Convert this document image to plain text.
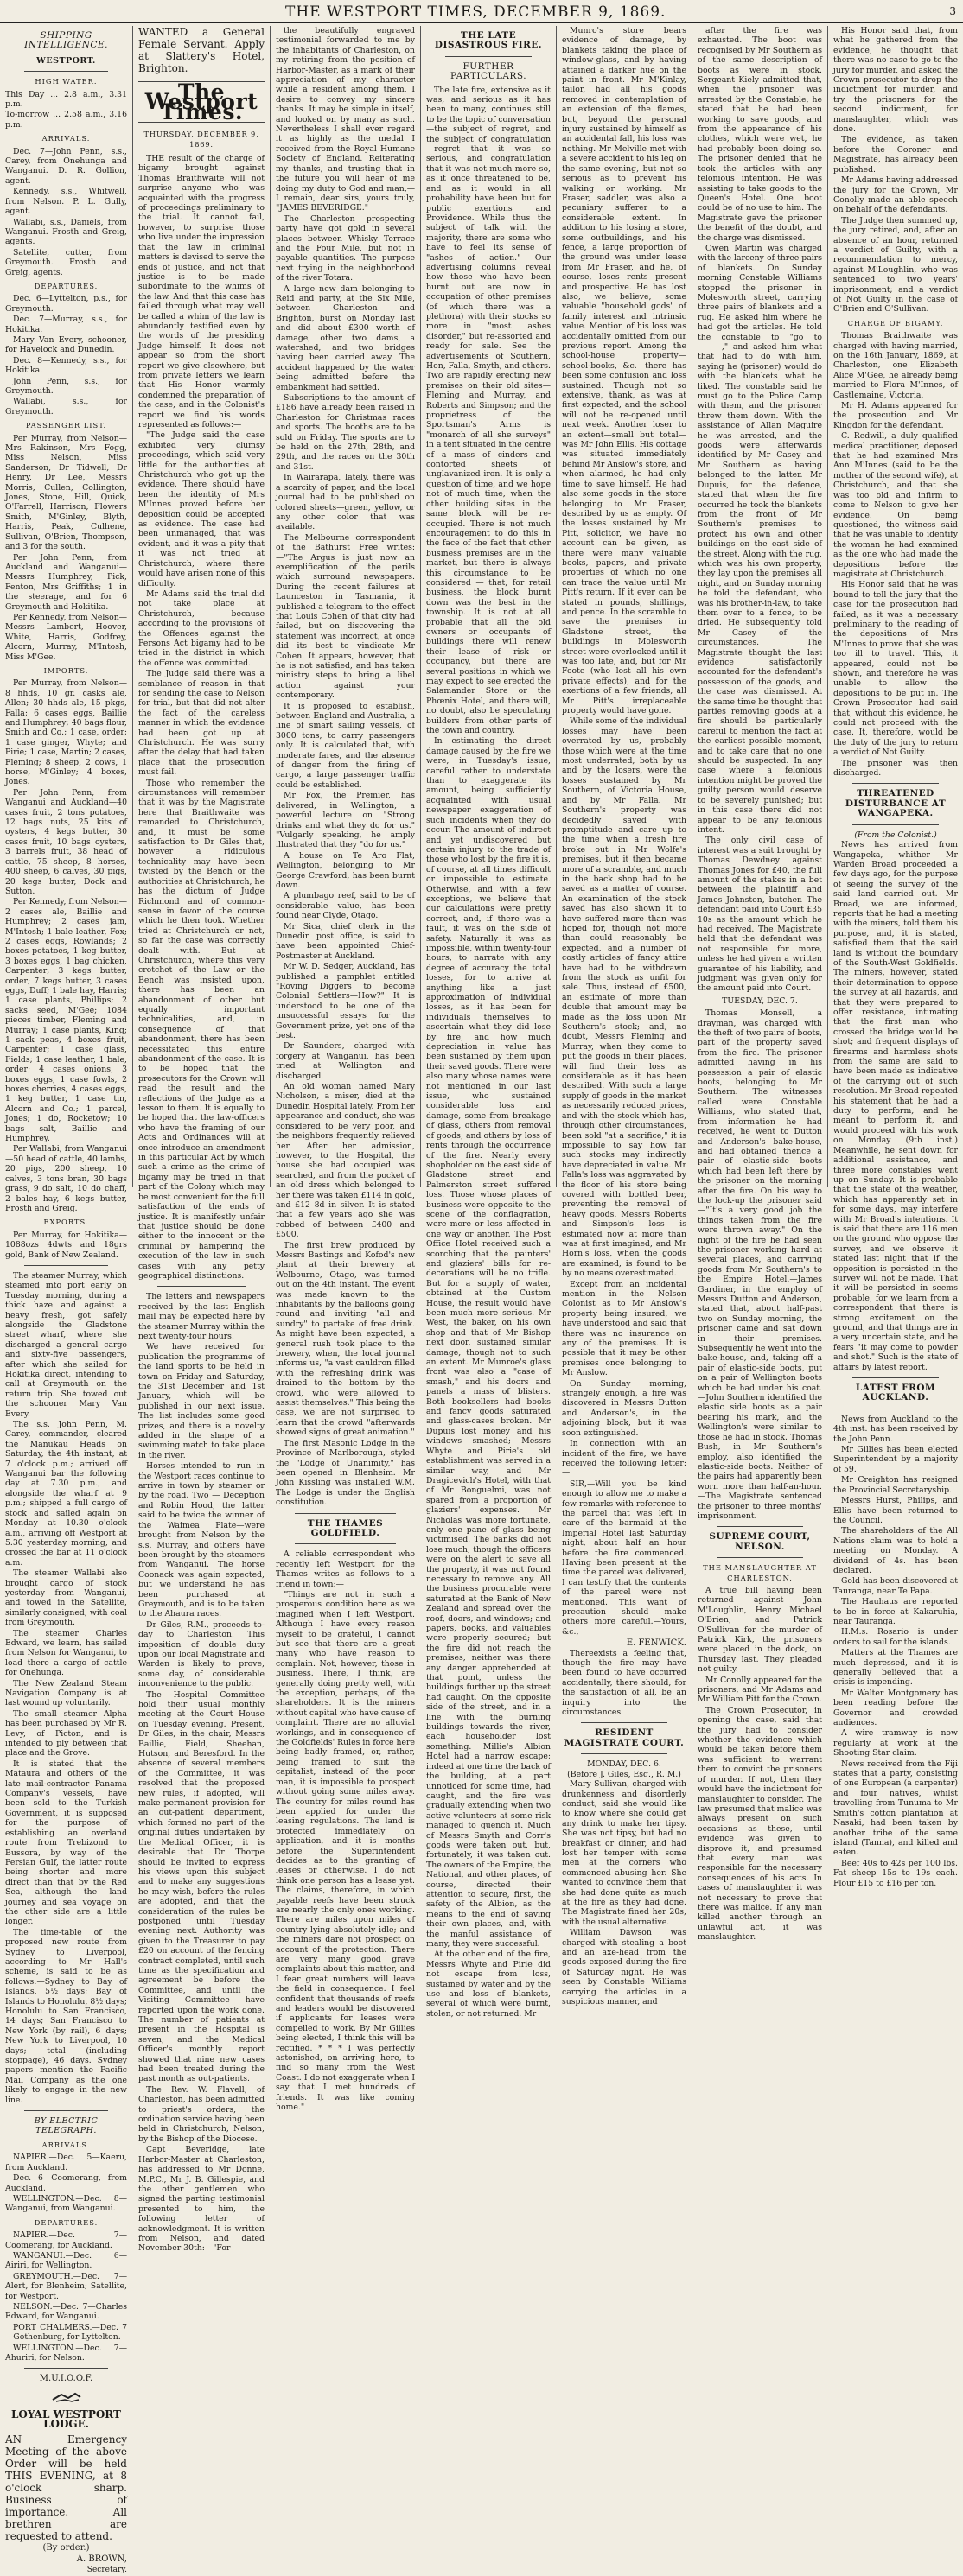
THE WESTPORT TIMES, DECEMBER 9, 1869.	3
SHIPPING INTELLIGENCE.
WESTPORT.
HIGH WATER.

This Day ... 2.8 a.m., 3.31 p.m.

To-morrow ... 2.58 a.m., 3.16 p.m.

ARRIVALS.

Dec. 7—John Penn, s.s., Carey, from Onehunga and Wanganui. D. R. Gollion, agent.

Kennedy, s.s., Whitwell, from Nelson. P. L. Gully, agent.

Wallabi, s.s., Daniels, from Wanganui. Frosth and Greig, agents.

Satellite, cutter, from Greymouth. Frosth and Greig, agents.

DEPARTURES.

Dec. 6—Lyttelton, p.s., for Greymouth.

Dec. 7—Murray, s.s., for Hokitika.

Mary Van Every, schooner, for Havelock and Dunedin.

Dec. 8—Kennedy, s.s., for Hokitika.

John Penn, s.s., for Greymouth.

Wallabi, s.s., for Greymouth.

PASSENGER LIST.

Per Murray, from Nelson—Mrs Rakinson, Mrs Fogg, Miss Nelson, Miss Sanderson, Dr Tidwell, Dr Henry, Dr Lee, Messrs Morris, Cullen, Collington, Jones, Stone, Hill, Quick, O'Farrell, Harrison, Flowers Smith, M'Ginley, Blyth, Harris, Peak, Culhene, Sullivan, O'Brien, Thompson, and 3 for the south.

Per John Penn, from Auckland and Wanganui—Messrs Humphrey, Pick, Fenton, Mrs Griffiths; 1 in the steerage, and for 6 Greymouth and Hokitika.

Per Kennedy, from Nelson—Messrs Lambert, Hoover, White, Harris, Godfrey, Alcorn, Murray, M'Intosh, Miss M'Gee.

IMPORTS.

Per Murray, from Nelson—8 hhds, 10 gr. casks ale, Allen; 30 hhds ale, 15 pkgs, Falla; 6 cases eggs, Baillie and Humphrey; 40 bags flour, Smith and Co.; 1 case, order; 1 case ginger, Whyte; and Pirie; 1 case, Martin; 2 cases, Fleming; 8 sheep, 2 cows, 1 horse, M'Ginley; 4 boxes, Jones.

Per John Penn, from Wanganui and Auckland—40 cases fruit, 2 tons potatoes, 12 bags nuts, 25 kits of oysters, 4 kegs butter, 30 cases fruit, 10 bags oysters, 3 barrels fruit, 38 head of cattle, 75 sheep, 8 horses, 400 sheep, 6 calves, 30 pigs, 20 kegs butter, Dock and Sutton.

Per Kennedy, from Nelson—2 cases ale, Baillie and Humphrey; 2 cases jam, M'Intosh; 1 bale leather, Fox; 2 cases eggs, Rowlands; 2 boxes potatoes, 1 keg butter, 3 boxes eggs, 1 bag chicken, Carpenter; 3 kegs butter, order; 7 kegs butter, 3 cases eggs, Duff; 1 bale hay, Harris; 1 case plants, Phillips; 2 sacks seed, M'Gee; 1084 pieces timber, Fleming and Murray; 1 case plants, King; 1 sack peas, 4 boxes fruit, Carpenter; 1 case glass, Fields; 1 case leather, 1 bale, order; 4 cases onions, 3 boxes eggs, 1 case fowls, 2 boxes cherries, 4 cases eggs, 1 keg butter, 1 case tin, Alcorn and Co.; 1 parcel, Jones; 1 do, Rocketow; 10 bags salt, Baillie and Humphrey.

Per Wallabi, from Wanganui—50 head of cattle, 40 lambs, 20 pigs, 200 sheep, 10 calves, 3 tons bran, 30 bags grass, 9 do salt, 10 do chaff, 2 bales hay, 6 kegs butter, Frosth and Greig.

EXPORTS.

Per Murray, for Hokitika—1088ozs 4dwts and 18grs gold, Bank of New Zealand.

The steamer Murray, which steamed into port early on Tuesday morning, during a thick haze and against a heavy fresh, got safely alongside the Gladstone street wharf, where she discharged a general cargo and sixty-five passengers, after which she sailed for Hokitika direct, intending to call at Greymouth on the return trip. She towed out the schooner Mary Van Every.

The s.s. John Penn, M. Carey, commander, cleared the Manukau Heads on Saturday, the 4th instant, at 7 o'clock p.m.; arrived off Wanganui bar the following day at 7.30 p.m., and alongside the wharf at 9 p.m.; shipped a full cargo of stock and sailed again on Monday at 10.30 o'clock a.m., arriving off Westport at 5.30 yesterday morning, and crossed the bar at 11 o'clock a.m.

The steamer Wallabi also brought cargo of stock yesterday from Wanganui, and towed in the Satellite, similarly consigned, with coal from Greymouth.

The steamer Charles Edward, we learn, has sailed from Nelson for Wanganui, to load there a cargo of cattle for Onehunga.

The New Zealand Steam Navigation Company is at last wound up voluntarily.

The small steamer Alpha has been purchased by Mr R. Levy, of Picton, and is intended to ply between that place and the Grove.

It is stated that the Mataura and others of the late mail-contractor Panama Company's vessels, have been sold to the Turkish Government, it is supposed for the purpose of establishing an overland route from Trebizond to Bussora, by way of the Persian Gulf, the latter route being shorter and more direct than that by the Red Sea, although the land journey and sea voyage on the other side are a little longer.

The time-table of the proposed new route from Sydney to Liverpool, according to Mr Hall's scheme, is said to be as follows:—Sydney to Bay of Islands, 5½ days; Bay of Islands to Honolulu, 8½ days; Honolulu to San Francisco, 14 days; San Francisco to New York (by rail), 6 days; New York to Liverpool, 10 days; total (including stoppage), 46 days. Sydney papers mention the Pacific Mail Company as the one likely to engage in the new line.

BY ELECTRIC TELEGRAPH.
ARRIVALS.

NAPIER.—Dec. 5—Kaeru, from Auckland.

Dec. 6—Coomerang, from Auckland.

WELLINGTON.—Dec. 8—Wanganui, from Wanganui.

DEPARTURES.

NAPIER.—Dec. 7—Coomerang, for Auckland.

WANGANUI.—Dec. 6—Airiri, for Wellington.

GREYMOUTH.—Dec. 7—Alert, for Blenheim; Satellite, for Westport.

NELSON.—Dec. 7—Charles Edward, for Wanganui.

PORT CHALMERS.—Dec. 7—Gothenburg, for Lyttelton.

WELLINGTON.—Dec. 7—Ahuriri, for Nelson.

M.U.I.O.O.F.
LOYAL WESTPORT LODGE.

AN Emergency Meeting of the above Order will be held THIS EVENING, at 8 o'clock sharp. Business of importance. All brethren are requested to attend.

(By order.)
A. BROWN,
Secretary.

WANTED a General Female Servant. Apply at Slattery's Hotel, Brighton.

The Westport Times.
THURSDAY, DECEMBER 9, 1869.

THE result of the charge of bigamy brought against Thomas Braithwaite will not surprise anyone who was acquainted with the progress of proceedings preliminary to the trial. It cannot fail, however, to surprise those who live under the impression that the law in criminal matters is devised to serve the ends of justice, and not that justice is to be made subordinate to the whims of the law. And that this case has failed through what may well be called a whim of the law is abundantly testified even by the words of the presiding Judge himself. It does not appear so from the short report we give elsewhere, but from private letters we learn that His Honor warmly condemned the preparation of the case, and in the Colonist's report we find his words represented as follows:—

"The Judge said the case exhibited very clumsy proceedings, which said very little for the authorities at Christchurch who got up the evidence. There should have been the identity of Mrs M'Innes proved before her deposition could be accepted as evidence. The case had been unmanaged, that was evident, and it was a pity that it was not tried at Christchurch, where there would have arisen none of this difficulty.

Mr Adams said the trial did not take place at Christchurch, because according to the provisions of the Offences against the Persons Act bigamy had to be tried in the district in which the offence was committed.

The Judge said there was a semblance of reason in that for sending the case to Nelson for trial, but that did not alter the fact of the careless manner in which the evidence had been got up at Christchurch. He was sorry after the delay that had taken place that the prosecution must fail.

Those who remember the circumstances will remember that it was by the Magistrate here that Braithwaite was remanded to Christchurch, and, it must be some satisfaction to Dr Giles that, however a ridiculous technicality may have been twisted by the Bench or the authorities at Christchurch, he has the dictum of Judge Richmond and of common-sense in favor of the course which he then took. Whether tried at Christchurch or not, so far the case was correctly dealt with. But at Christchurch, where this very crotchet of the Law or the Bench was insisted upon, there has been an abandonment of other but equally important technicalities, and, in consequence of that abandonment, there has been necessitated this entire abandonment of the case. It is to be hoped that the prosecutors for the Crown will read the result and the reflections of the Judge as a lesson to them. It is equally to be hoped that the law-officers who have the framing of our Acts and Ordinances will at once introduce an amendment in this particular Act by which such a crime as the crime of bigamy may be tried in that part of the Colony which may be most convenient for the full satisfaction of the ends of justice. It is manifestly unfair that justice should be done either to the innocent or the criminal by hampering the execution of the law in such cases with any petty geographical distinctions.

The letters and newspapers received by the last English mail may be expected here by the steamer Murray within the next twenty-four hours.

We have received for publication the programme of the land sports to be held in town on Friday and Saturday, the 31st December and 1st January, which will be published in our next issue. The list includes some good prizes, and there is a novelty added in the shape of a swimming match to take place in the river.

Horses intended to run in the Westport races continue to arrive in town by steamer or by the road. Two — Deception and Robin Hood, the latter said to be twice the winner of the Waimea Plate—were brought from Nelson by the s.s. Murray, and others have been brought by the steamers from Wanganui. The horse Coonack was again expected, but we understand he has been purchased at Greymouth, and is to be taken to the Ahaura races.

Dr Giles, R.M., proceeds to-day to Charleston. This imposition of double duty upon our local Magistrate and Warden is likely to prove, some day, of considerable inconvenience to the public.

The Hospital Committee hold their usual monthly meeting at the Court House on Tuesday evening. Present, Dr Giles, in the chair, Messrs Baillie, Field, Sheehan, Hutson, and Beresford. In the absence of several members of the Committee, it was resolved that the proposed new rules, if adopted, will make permanent provision for an out-patient department, which formed no part of the original duties undertaken by the Medical Officer, it is desirable that Dr Thorpe should be invited to express his views upon this subject and to make any suggestions he may wish, before the rules are adopted, and that the consideration of the rules be postponed until Tuesday evening next. Authority was given to the Treasurer to pay £20 on account of the fencing contract completed, until such time as the specification and agreement be before the Committee, and until the Visiting Committee have reported upon the work done. The number of patients at present in the Hospital is seven, and the Medical Officer's monthly report showed that nine new cases had been treated during the past month as out-patients.

The Rev. W. Flavell, of Charleston, has been admitted to priest's orders, the ordination service having been held in Christchurch, Nelson, by the Bishop of the Diocese.

Capt Beveridge, late Harbor-Master at Charleston, has addressed to Mr Donne, M.P.C., Mr J. B. Gillespie, and the other gentlemen who signed the parting testimonial presented to him, the following letter of acknowledgment. It is written from Nelson, and dated November 30th:—"For

the beautifully engraved testimonial forwarded to me by the inhabitants of Charleston, on my retiring from the position of Harbor-Master, as a mark of their appreciation of my character while a resident among them, I desire to convey my sincere thanks. It may be simple in itself, and looked on by many as such. Nevertheless I shall ever regard it as highly as the medal I received from the Royal Humane Society of England. Reiterating my thanks, and trusting that in the future you will hear of me doing my duty to God and man,—I remain, dear sirs, yours truly, "JAMES BEVERIDGE."

The Charleston prospecting party have got gold in several places between Whisky Terrace and the Four Mile, but not in payable quantities. The purpose next trying in the neighborhood of the river Totara.

A large new dam belonging to Reid and party, at the Six Mile, between Charleston and Brighton, burst on Monday last and did about £300 worth of damage, other two dams, a watershed, and two bridges having been carried away. The accident happened by the water being admitted before the embankment had settled.

Subscriptions to the amount of £186 have already been raised in Charleston for Christmas races and sports. The booths are to be sold on Friday. The sports are to be held on the 27th, 28th, and 29th, and the races on the 30th and 31st.

In Wairarapa, lately, there was a scarcity of paper, and the local journal had to be published on colored sheets—green, yellow, or any other color that was available.

The Melbourne correspondent of the Bathurst Free writes:—"The Argus is just now an exemplification of the perils which surround newspapers. During the recent failures at Launceston in Tasmania, it published a telegram to the effect that Louis Cohen of that city had failed, but on discovering the statement was incorrect, at once did its best to vindicate Mr Cohen. It appears, however, that he is not satisfied, and has taken ministry steps to bring a libel action against your contemporary.

It is proposed to establish, between England and Australia, a line of smart sailing vessels, of 3000 tons, to carry passengers only. It is calculated that, with moderate fares, and the absence of danger from the firing of cargo, a large passenger traffic could be established.

Mr Fox, the Premier, has delivered, in Wellington, a powerful lecture on "Strong drinks and what they do for us." "Vulgarly speaking, he amply illustrated that they "do for us."

A house on Te Aro Flat, Wellington, belonging to Mr George Crawford, has been burnt down.

A plumbago reef, said to be of considerable value, has been found near Clyde, Otago.

Mr Sica, chief clerk in the Dunedin post office, is said to have been appointed Chief-Postmaster at Auckland.

Mr W. D. Sedger, Auckland, has published a pamphlet entitled "Roving Diggers to become Colonial Settlers—How?" It is understood to be one of the unsuccessful essays for the Government prize, yet one of the best.

Dr Saunders, charged with forgery at Wanganui, has been tried at Wellington and discharged.

An old woman named Mary Nicholson, a miser, died at the Dunedin Hospital lately. From her appearance and conduct, she was considered to be very poor, and the neighbors frequently relieved her. After her admission, however, to the Hospital, the house she had occupied was searched, and from the pocket of an old dress which belonged to her there was taken £114 in gold, and £12 8d in silver. It is stated that a few years ago she was robbed of between £400 and £500.

The first brew produced by Messrs Bastings and Kofod's new plant at their brewery at Welbourne, Otago, was turned out on the 4th instant. The event was made known to the inhabitants by the balloons going round and inviting "all and sundry" to partake of free drink. As might have been expected, a general rush took place to the brewery, when, the local journal informs us, "a vast cauldron filled with the refreshing drink was drained to the bottom by the crowd, who were allowed to assist themselves." This being the case, we are not surprised to learn that the crowd "afterwards showed signs of great animation."

The first Masonic Lodge in the Province of Marlborough, styled the "Lodge of Unanimity," has been opened in Blenheim. Mr John Kissling was installed W.M. The Lodge is under the English constitution.

THE THAMES GOLDFIELD.

A reliable correspondent who recently left Westport for the Thames writes as follows to a friend in town:—

"Things are not in such a prosperous condition here as we imagined when I left Westport. Although I have every reason myself to be grateful, I cannot but see that there are a great many who have reason to complain. Not, however, those in business. There, I think, are generally doing pretty well, with the exception, perhaps, of the shareholders. It is the miners without capital who have cause of complaint. There are no alluvial workings, and in consequence of the Goldfields' Rules in force here being badly framed, or, rather, being framed to suit the capitalist, instead of the poor man, it is impossible to prospect without going some miles away. The country for miles round has been applied for under the leasing regulations. The land is protected immediately on application, and it is months before the Superintendent decides as to the granting of leases or otherwise. I do not think one person has a lease yet. The claims, therefore, in which payable reefs have been struck are nearly the only ones working. There are miles upon miles of country lying absolutely idle; and the miners dare not prospect on account of the protection. There are very many good grave complaints about this matter, and I fear great numbers will leave the field in consequence. I feel confident that thousands of reefs and leaders would be discovered if applicants for leases were compelled to work. By Mr Gillies being elected, I think this will be rectified. * * * I was perfectly astonished, on arriving here, to find so many from the West Coast. I do not exaggerate when I say that I met hundreds of friends. It was like coming home."

THE LATE DISASTROUS FIRE.
FURTHER PARTICULARS.

The late fire, extensive as it was, and serious as it has been to many, continues still to be the topic of conversation—the subject of regret, and the subject of congratulation—regret that it was so serious, and congratulation that it was not much more so, as it once threatened to be, and as it would in all probability have been but for public exertions and Providence. While thus the subject of talk with the majority, there are some who have to feel its sense of "ashes of action." Our advertising columns reveal how those who have been burnt out are now in occupation of other premises (of which there was a plethora) with their stocks so more in "most ashes disorder," but re-assorted and ready for sale. See the advertisements of Southern, Hon, Falla, Smyth, and others. Two are rapidly erecting new premises on their old sites—Fleming and Murray, and Roberts and Simpson; and the proprietress of the Sportsman's Arms is "monarch of all she surveys" in a tent situated in the centre of a mass of cinders and contorted sheets of unglavanized iron. It is only a question of time, and we hope not of much time, when the other building sites in the same block will be re-occupied. There is not much encouragement to do this in the face of the fact that other business premises are in the market, but there is always this circumstance to be considered — that, for retail business, the block burnt down was the best in the township. It is not at all probable that all the old owners or occupants of buildings there will renew their lease of risk or occupancy, but there are several positions in which we may expect to see erected the Salamander Store or the Phœnix Hotel, and there will, no doubt, also be speculating builders from other parts of the town and country.

In estimating the direct damage caused by the fire we were, in Tuesday's issue, careful rather to understate than to exaggerate its amount, being sufficiently acquainted with usual newspaper exaggeration of such incidents when they do occur. The amount of indirect and yet undiscovered but certain injury to the trade of those who lost by the fire it is, of course, at all times difficult or impossible to estimate. Otherwise, and with a few exceptions, we believe that our calculations were pretty correct, and, if there was a fault, it was on the side of safety. Naturally it was as impossible, within twenty-four hours, to narrate with any degree of accuracy the total losses, for to arrive at anything like a just approximation of individual losses, as it has been for individuals themselves to ascertain what they did lose by fire, and how much depreciation in value has been sustained by them upon their saved goods. There were also many whose names were not mentioned in our last issue, who sustained considerable loss and damage, some from breakage of glass, others from removal of goods, and others by loss of rents through the occurrence of the fire. Nearly every shopholder on the east side of Gladstone street and Palmerston street suffered loss. Those whose places of business were opposite to the scene of the conflagration, were more or less affected in one way or another. The Post Office Hotel received such a scorching that the painters' and glaziers' bills for re-decorations will be no trifle. But for a supply of water, obtained at the Custom House, the result would have been much more serious. Mr West, the baker, on his own shop and that of Mr Bishop next door, sustained similar damage, though not to such an extent. Mr Munroe's glass front was also a "case of smash," and his doors and panels a mass of blisters. Both booksellers had books and fancy goods saturated and glass-cases broken. Mr Dupuis lost money and his windows smashed; Messrs Whyte and Pirie's old establishment was served in a similar way, and Mr Dragicevich's Hotel, with that of Mr Bonguelmi, was not spared from a proportion of glaziers' expenses. Mr Nicholas was more fortunate, only one pane of glass being victimised. The banks did not lose much; though the officers were on the alert to save all the property, it was not found necessary to remove any. All the business procurable were saturated at the Bank of New Zealand and spread over the roof, doors, and windows; and papers, books, and valuables were properly secured; but the fire did not reach the premises, neither was there any danger apprehended at that point, unless the buildings further up the street had caught. On the opposite side of the street, and in a line with the burning buildings towards the river, each householder lost something. Millie's Albion Hotel had a narrow escape; indeed at one time the back of the building, at a part unnoticed for some time, had caught, and the fire was gradually extending when two active volunteers at some risk managed to quench it. Much of Messrs Smyth and Corr's goods were taken out, but, fortunately, it was taken out. The owners of the Empire, the National, and other places, of course, directed their attention to secure, first, the safety of the Albion, as the means to the end of saving their own places, and, with the manful assistance of many, they were successful.

At the other end of the fire, Messrs Whyte and Pirie did not escape from loss, sustained by water and by the use and loss of blankets, several of which were burnt, stolen, or not returned. Mr

Munro's store bears evidence of damage, by blankets taking the place of window-glass, and by having attained a darker hue on the paint in front. Mr M'Kinlay, tailor, had all his goods removed in contemplation of an extension of the flames, but, beyond the personal injury sustained by himself as an accidental fall, his loss was nothing. Mr Melville met with a severe accident to his leg on the same evening, but not so serious as to prevent his walking or working. Mr Fraser, saddler, was also a pecuniary sufferer to a considerable extent. In addition to his losing a store, some outbuildings, and his fence, a large proportion of the ground was under lease from Mr Fraser, and he, of course, loses rents present and prospective. He has lost also, we believe, some valuable "household gods" of family interest and intrinsic value. Mention of his loss was accidentally omitted from our previous report. Among the school-house property—school-books, &c.—there has been some confusion and loss sustained. Though not so extensive, thank, as was at first expected, and the school will not be re-opened until next week. Another loser to an extent—small but total—was Mr John Ellis. His cottage was situated immediately behind Mr Anslow's store, and when alarmed, he had only time to save himself. He had also some goods in the store belonging to Mr Fraser, described by us as empty. Of the losses sustained by Mr Pitt, solicitor, we have no account can be given, as there were many valuable books, papers, and private properties of which no one can trace the value until Mr Pitt's return. If it ever can be stated in pounds, shillings, and pence. In the scramble to save the premises in Gladstone street, the buildings in Molesworth street were overlooked until it was too late, and, but for Mr Foote (who lost all his own private effects), and for the exertions of a few friends, all Mr Pitt's irreplaceable property would have gone.

While some of the individual losses may have been overrated by us, probably those which were at the time most underrated, both by us and by the losers, were the losses sustained by Mr Southern, of Victoria House, and by Mr Falla. Mr Southern's property was decidedly saved with promptitude and care up to the time when a fresh fire broke out in Mr Wolfe's premises, but it then became more of a scramble, and much in the back shop had to be saved as a matter of course. An examination of the stock saved has also shown it to have suffered more than was hoped for, though not more than could reasonably be expected, and a number of costly articles of fancy attire have had to be withdrawn from the stock as unfit for sale. Thus, instead of £500, an estimate of more than double that amount may be made as the loss upon Mr Southern's stock; and, no doubt, Messrs Fleming and Murray, when they come to put the goods in their places, will find their loss as considerable as it has been described. With such a large supply of goods in the market as necessarily reduced prices, and with the stock which has, through other circumstances, been sold "at a sacrifice," it is impossible to say how far such stocks may indirectly have depreciated in value. Mr Falla's loss was aggravated by the floor of his store being covered with bottled beer, preventing the removal of heavy goods. Messrs Roberts and Simpson's loss is estimated now at more than was at first imagined, and Mr Horn's loss, when the goods are examined, is found to be by no means overestimated.

Except from an incidental mention in the Nelson Colonist as to Mr Anslow's property being insured, we have understood and said that there was no insurance on any of the premises. It is possible that it may be other premises once belonging to Mr Anslow.

On Sunday morning, strangely enough, a fire was discovered in Messrs Dutton and Anderson's, in the adjoining block, but it was soon extinguished.

In connection with an incident of the fire, we have received the following letter:—

SIR,—Will you be kind enough to allow me to make a few remarks with reference to the parcel that was left in care of the barmaid at the Imperial Hotel last Saturday night, about half an hour before the fire commenced. Having been present at the time the parcel was delivered, I can testify that the contents of the parcel were not mentioned. This want of precaution should make others more careful.—Yours, &c.,

E. FENWICK.

Thereexists a feeling that, though the fire may have been found to have occurred accidentally, there should, for the satisfaction of all, be an inquiry into the circumstances.

RESIDENT MAGISTRATE COURT.
MONDAY, DEC. 6.
(Before J. Giles, Esq., R. M.)

Mary Sullivan, charged with drunkenness and disorderly conduct, said she would like to know where she could get any drink to make her tipsy. She was not tipsy, but had no breakfast or dinner, and had lost her temper with some men at the corners who commenced abusing her. She wanted to convince them that she had done quite as much at the fire as they had done. The Magistrate fined her 20s, with the usual alternative.

William Dawson was charged with stealing a boot and an axe-head from the goods exposed during the fire of Saturday night. He was seen by Constable Williams carrying the articles in a suspicious manner, and

after the fire was exhausted. The boot was recognised by Mr Southern as of the same description of boots as were in stock. Sergeant Kiely admitted that, when the prisoner was arrested by the Constable, he stated that he had been working to save goods, and from the appearance of his clothes, which were wet, he had probably been doing so. The prisoner denied that he took the articles with any felonious intention. He was assisting to take goods to the Queen's Hotel. One boot could be of no use to him. The Magistrate gave the prisoner the benefit of the doubt, and the charge was dismissed.

Owen Martin was charged with the larceny of three pairs of blankets. On Sunday morning Constable Williams stopped the prisoner in Molesworth street, carrying three pairs of blankets and a rug. He asked him where he had got the articles. He told the constable to "go to ———," and asked him what that had to do with him, saying he (prisoner) would do with the blankets what he liked. The constable said he must go to the Police Camp with them, and the prisoner threw them down. With the assistance of Allan Maguire he was arrested, and the goods were afterwards identified by Mr Casey and Mr Southern as having belonged to the latter. Mr Dupuis, for the defence, stated that when the fire occurred he took the blankets from the front of Mr Southern's premises to protect his own and other buildings on the east side of the street. Along with the rug, which was his own property, they lay upon the premises all night, and on Sunday morning he told the defendant, who was his brother-in-law, to take them over to a fence, to be dried. He subsequently told Mr Casey of the circumstances. The Magistrate thought the last evidence satisfactorily accounted for the defendant's possession of the goods, and the case was dismissed. At the same time he thought that parties removing goods at a fire should be particularly careful to mention the fact at the earliest possible moment, and to take care that no one should be suspected. In any case where a felonious intention might be proved the guilty person would deserve to be severely punished; but in this case there did not appear to be any felonious intent.

The only civil case of interest was a suit brought by Thomas Dewdney against Thomas Jones for £40, the full amount of the stakes in a bet between the plaintiff and James Johnston, butcher. The defendant paid into Court £35 10s as the amount which he had received. The Magistrate held that the defendant was not responsible for more, unless he had given a written guarantee of his liability, and judgment was given only for the amount paid into Court.

TUESDAY, DEC. 7.

Thomas Monsell, a drayman, was charged with the theft of two pairs of boots, part of the property saved from the fire. The prisoner admitted having in his possession a pair of elastic boots, belonging to Mr Southern. The witnesses called were Constable Williams, who stated that, from information he had received, he went to Dutton and Anderson's bake-house, and had obtained thence a pair of elastic-side boots which had been left there by the prisoner on the morning after the fire. On his way to the lock-up the prisoner said—"It's a very good job the things taken from the fire were thrown away." On the night of the fire he had seen the prisoner working hard at several places, and carrying goods from Mr Southern's to the Empire Hotel.—James Gardiner, in the employ of Messrs Dutton and Anderson, stated that, about half-past two on Sunday morning, the prisoner came and sat down in their premises. Subsequently he went into the bake-house, and, taking off a pair of elastic-side boots, put on a pair of Wellington boots which he had under his coat.—John Southern identified the elastic side boots as a pair bearing his mark, and the Wellington's were similar to those he had in stock. Thomas Bush, in Mr Southern's employ, also identified the elastic-side boots. Neither of the pairs had apparently been worn more than half-an-hour.—The Magistrate sentenced the prisoner to three months' imprisonment.

SUPREME COURT, NELSON.
THE MANSLAUGHTER AT CHARLESTON.

A true bill having been returned against John M'Loughlin, Henry Michael O'Brien, and Patrick O'Sullivan for the murder of Patrick Kirk, the prisoners were placed in the dock, on Thursday last. They pleaded not guilty.

Mr Conolly appeared for the prisoners, and Mr Adams and Mr William Pitt for the Crown.

The Crown Prosecutor, in opening the case, said that the jury had to consider whether the evidence which would be taken before them was sufficient to warrant them to convict the prisoners of murder. If not, then they would have the indictment for manslaughter to consider. The law presumed that malice was always present on such occasions as these, until evidence was given to disprove it, and presumed that every man was responsible for the necessary consequences of his acts. In cases of manslaughter it was not necessary to prove that there was malice. If any man killed another through an unlawful act, it was manslaughter.

His Honor said that, from what he gathered from the evidence, he thought that there was no case to go to the jury for murder, and asked the Crown prosecutor to drop the indictment for murder, and try the prisoners for the second indictment, for manslaughter, which was done.

The evidence, as taken before the Coroner and Magistrate, has already been published.

Mr Adams having addressed the jury for the Crown, Mr Conolly made an able speech on behalf of the defendants.

The Judge then summed up, the jury retired, and, after an absence of an hour, returned a verdict of Guilty, with a recommendation to mercy, against M'Loughlin, who was sentenced to two years' imprisonment; and a verdict of Not Guilty in the case of O'Brien and O'Sullivan.

CHARGE OF BIGAMY.

Thomas Braithwaite was charged with having married, on the 16th January, 1869, at Charleston, one Elizabeth Alice M'Gee, he already being married to Flora M'Innes, of Castlemaine, Victoria.

Mr H. Adams appeared for the prosecution and Mr Kingdon for the defendant.

C. Redwill, a duly qualified medical practitioner, deposed that he had examined Mrs Ann M'Innes (said to be the mother of the second wife), at Christchurch, and that she was too old and infirm to come to Nelson to give her evidence. On being questioned, the witness said that he was unable to identify the woman he had examined as the one who had made the depositions before the magistrate at Christchurch.

His Honor said that he was bound to tell the jury that the case for the prosecution had failed, as it was a necessary preliminary to the reading of the depositions of Mrs M'Innes to prove that she was too ill to travel. This, it appeared, could not be shown, and therefore he was unable to allow the depositions to be put in. The Crown Prosecutor had said that, without this evidence, he could not proceed with the case. It, therefore, would be the duty of the jury to return a verdict of Not Guilty.

The prisoner was then discharged.

THREATENED DISTURBANCE AT WANGAPEKA.
(From the Colonist.)

News has arrived from Wangapeka, whither Mr Warden Broad proceeded a few days ago, for the purpose of seeing the survey of the said land carried out. Mr Broad, we are informed, reports that he had a meeting with the miners, told them his purpose, and, it is stated, satisfied them that the said land is without the boundary of the South-West Goldfields. The miners, however, stated their determination to oppose the survey at all hazards, and that they were prepared to offer resistance, intimating that the first man who crossed the bridge would be shot; and frequent displays of firearms and harmless shots from the same are said to have been made as indicative of the carrying out of such resolution. Mr Broad repeated his statement that he had a duty to perform, and he meant to perform it, and would proceed with his work on Monday (9th inst.) Meanwhile, he sent down for additional assistance, and three more constables went up on Sunday. It is probable that the state of the weather, which has apparently set in for some days, may interfere with Mr Broad's intentions. It is said that there are 116 men on the ground who oppose the survey, and we observe it stated last night that if the opposition is persisted in the survey will not be made. That it will be persisted in seems probable, for we learn from a correspondent that there is strong excitement on the ground, and that things are in a very uncertain state, and he fears "it may come to powder and shot." Such is the state of affairs by latest report.

LATEST FROM AUCKLAND.

News from Auckland to the 4th inst. has been received by the John Penn.

Mr Gillies has been elected Superintendent by a majority of 59.

Mr Creighton has resigned the Provincial Secretaryship.

Messrs Hurst, Philips, and Ellis have been returned to the Council.

The shareholders of the All Nations claim was to hold a meeting on Monday. A dividend of 4s. has been declared.

Gold has been discovered at Tauranga, near Te Papa.

The Hauhaus are reported to be in force at Kakaruhia, near Tauranga.

H.M.s. Rosario is under orders to sail for the islands.

Matters at the Thames are much depressed, and it is generally believed that a crisis is impending.

Mr Walter Montgomery has been reading before the Governor and crowded audiences.

A wire tramway is now regularly at work at the Shooting Star claim.

News received from the Fiji states that a party, consisting of one European (a carpenter) and four natives, whilst travelling from Tunuma to Mr Smith's cotton plantation at Nasaki, had been taken by another tribe of the same island (Tanna), and killed and eaten.

Beef 40s to 42s per 100 lbs. Fat sheep 15s to 19s each. Flour £15 to £16 per ton.
